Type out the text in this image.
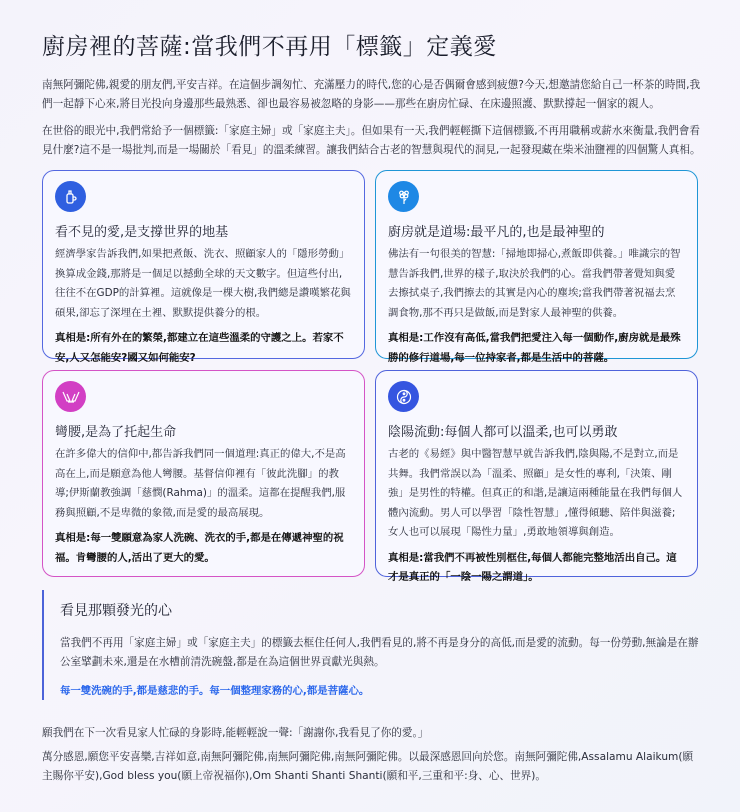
廚房裡的菩薩:當我們不再用「標籤」定義愛

南無阿彌陀佛,親愛的朋友們,平安吉祥。在這個步調匆忙、充滿壓力的時代,您的心是否偶爾會感到疲憊?今天,想邀請您給自己一杯茶的時間,我們一起靜下心來,將目光投向身邊那些最熟悉、卻也最容易被忽略的身影——那些在廚房忙碌、在床邊照護、默默撐起一個家的親人。

在世俗的眼光中,我們常給予一個標籤:「家庭主婦」或「家庭主夫」。但如果有一天,我們輕輕撕下這個標籤,不再用職稱或薪水來衡量,我們會看見什麼?這不是一場批判,而是一場關於「看見」的溫柔練習。讓我們結合古老的智慧與現代的洞見,一起發現藏在柴米油鹽裡的四個驚人真相。

看不見的愛,是支撐世界的地基
經濟學家告訴我們,如果把煮飯、洗衣、照顧家人的「隱形勞動」換算成金錢,那將是一個足以撼動全球的天文數字。但這些付出,往往不在GDP的計算裡。這就像是一棵大樹,我們總是讚嘆繁花與碩果,卻忘了深埋在土裡、默默提供養分的根。
真相是:所有外在的繁榮,都建立在這些溫柔的守護之上。若家不安,人又怎能安?國又如何能安?
廚房就是道場:最平凡的,也是最神聖的
佛法有一句很美的智慧:「掃地即掃心,煮飯即供養。」唯識宗的智慧告訴我們,世界的樣子,取決於我們的心。當我們帶著覺知與愛去擦拭桌子,我們擦去的其實是內心的塵埃;當我們帶著祝福去烹調食物,那不再只是做飯,而是對家人最神聖的供養。
真相是:工作沒有高低,當我們把愛注入每一個動作,廚房就是最殊勝的修行道場,每一位持家者,都是生活中的菩薩。
彎腰,是為了托起生命
在許多偉大的信仰中,都告訴我們同一個道理:真正的偉大,不是高高在上,而是願意為他人彎腰。基督信仰裡有「彼此洗腳」的教導;伊斯蘭教強調「慈憫(Rahma)」的溫柔。這都在提醒我們,服務與照顧,不是卑微的象徵,而是愛的最高展現。
真相是:每一雙願意為家人洗碗、洗衣的手,都是在傳遞神聖的祝福。肯彎腰的人,活出了更大的愛。
陰陽流動:每個人都可以溫柔,也可以勇敢
古老的《易經》與中醫智慧早就告訴我們,陰與陽,不是對立,而是共舞。我們常誤以為「溫柔、照顧」是女性的專利,「決策、剛強」是男性的特權。但真正的和諧,是讓這兩種能量在我們每個人體內流動。男人可以學習「陰性智慧」,懂得傾聽、陪伴與滋養;女人也可以展現「陽性力量」,勇敢地領導與創造。
真相是:當我們不再被性別框住,每個人都能完整地活出自己。這才是真正的「一陰一陽之謂道」。
看見那顆發光的心
當我們不再用「家庭主婦」或「家庭主夫」的標籤去框住任何人,我們看見的,將不再是身分的高低,而是愛的流動。每一份勞動,無論是在辦公室擘劃未來,還是在水槽前清洗碗盤,都是在為這個世界貢獻光與熱。
每一雙洗碗的手,都是慈悲的手。每一個整理家務的心,都是菩薩心。

願我們在下一次看見家人忙碌的身影時,能輕輕說一聲:「謝謝你,我看見了你的愛。」

萬分感恩,願您平安喜樂,吉祥如意,南無阿彌陀佛,南無阿彌陀佛,南無阿彌陀佛。以最深感恩回向於您。南無阿彌陀佛,Assalamu Alaikum(願主賜你平安),God bless you(願上帝祝福你),Om Shanti Shanti Shanti(願和平,三重和平:身、心、世界)。
